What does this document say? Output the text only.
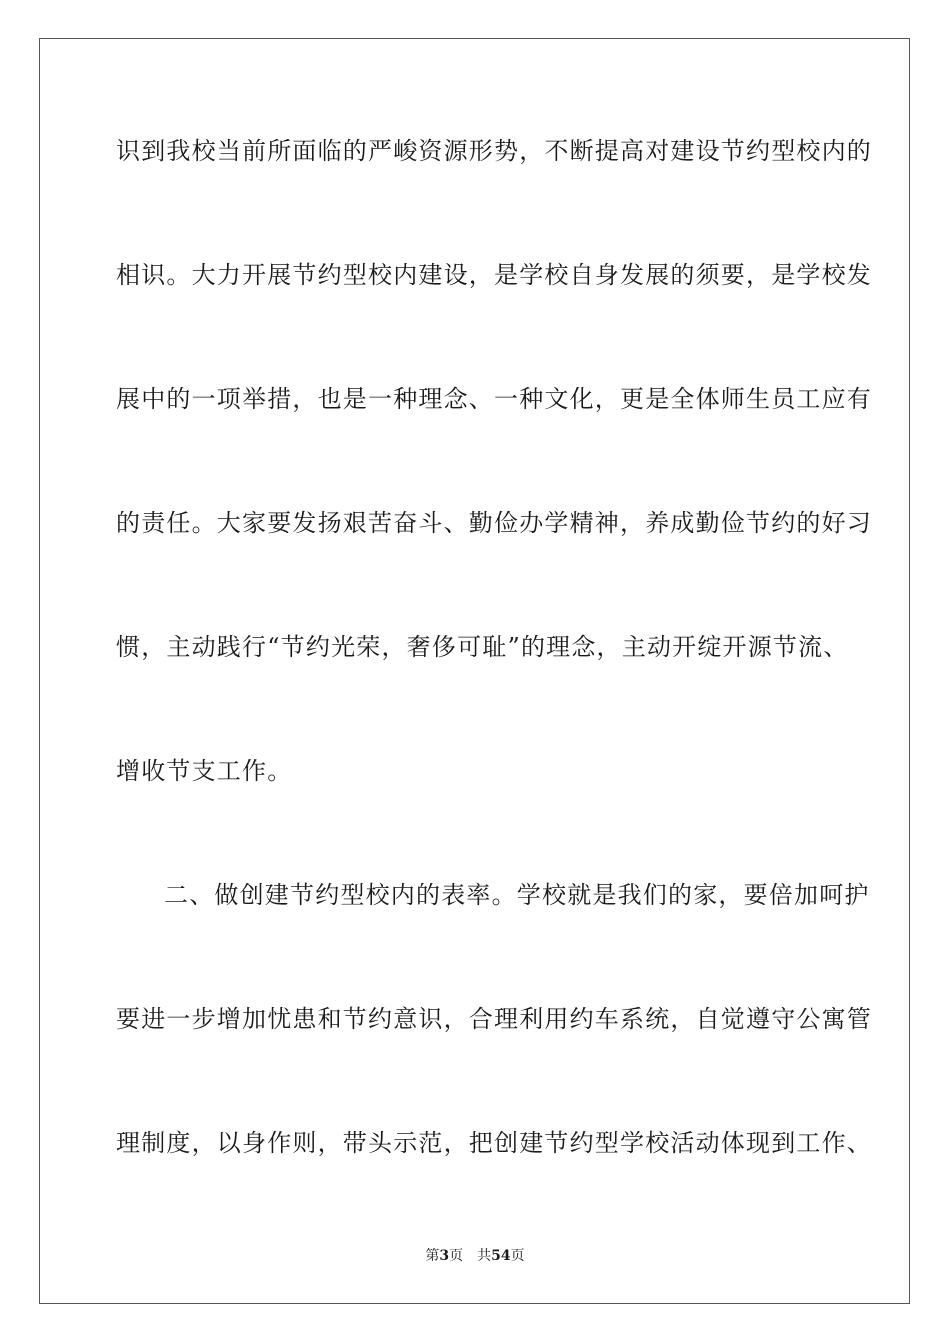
识到我校当前所面临的严峻资源形势，不断提高对建设节约型校内的
相识。大力开展节约型校内建设，是学校自身发展的须要，是学校发
展中的一项举措，也是一种理念、一种文化，更是全体师生员工应有
的责任。大家要发扬艰苦奋斗、勤俭办学精神，养成勤俭节约的好习
惯，主动践行“节约光荣，奢侈可耻”的理念，主动开绽开源节流、
增收节支工作。
二、做创建节约型校内的表率。学校就是我们的家，要倍加呵护
要进一步增加忧患和节约意识，合理利用约车系统，自觉遵守公寓管
理制度，以身作则，带头示范，把创建节约型学校活动体现到工作、
第3页 共54页
